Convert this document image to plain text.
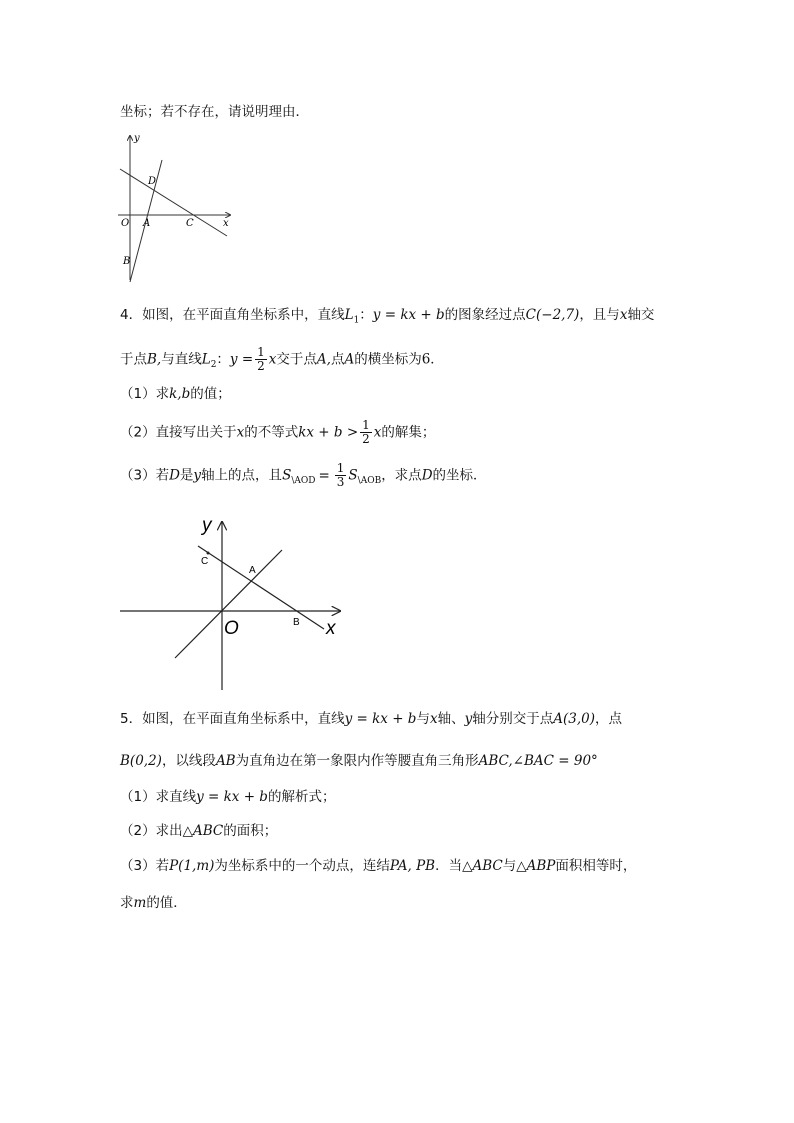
坐标；若不存在，请说明理由．
y
x
O A	C
D
B
4．如图，在平面直角坐标系中，直线$L_1$：y = kx + b的图象经过点C(−2,7)，且与x轴交
于点B,与直线$L_2$：$y = \frac{1}{2}$ x交于点A,点A的横坐标为6．
（1）求k,b的值；
（2）直接写出关于x的不等式kx + $b > \frac{1}{2}$ x的解集；
（3）若D是y轴上的点，且$S_{\backslash AOD} = \frac{1}{3} S_{\backslash AOB}$，求点D的坐标．
y
x
O
C
A
B
5．如图，在平面直角坐标系中，直线y = kx + b与x轴、y轴分别交于点A(3,0)，点
B(0,2)，以线段AB为直角边在第一象限内作等腰直角三角形ABC,∠BAC = 90°
（1）求直线y = kx + b的解析式；
（2）求出△ABC的面积；
（3）若P(1,m)为坐标系中的一个动点，连结PA, PB．当△ABC与△ABP面积相等时，
求m的值．
